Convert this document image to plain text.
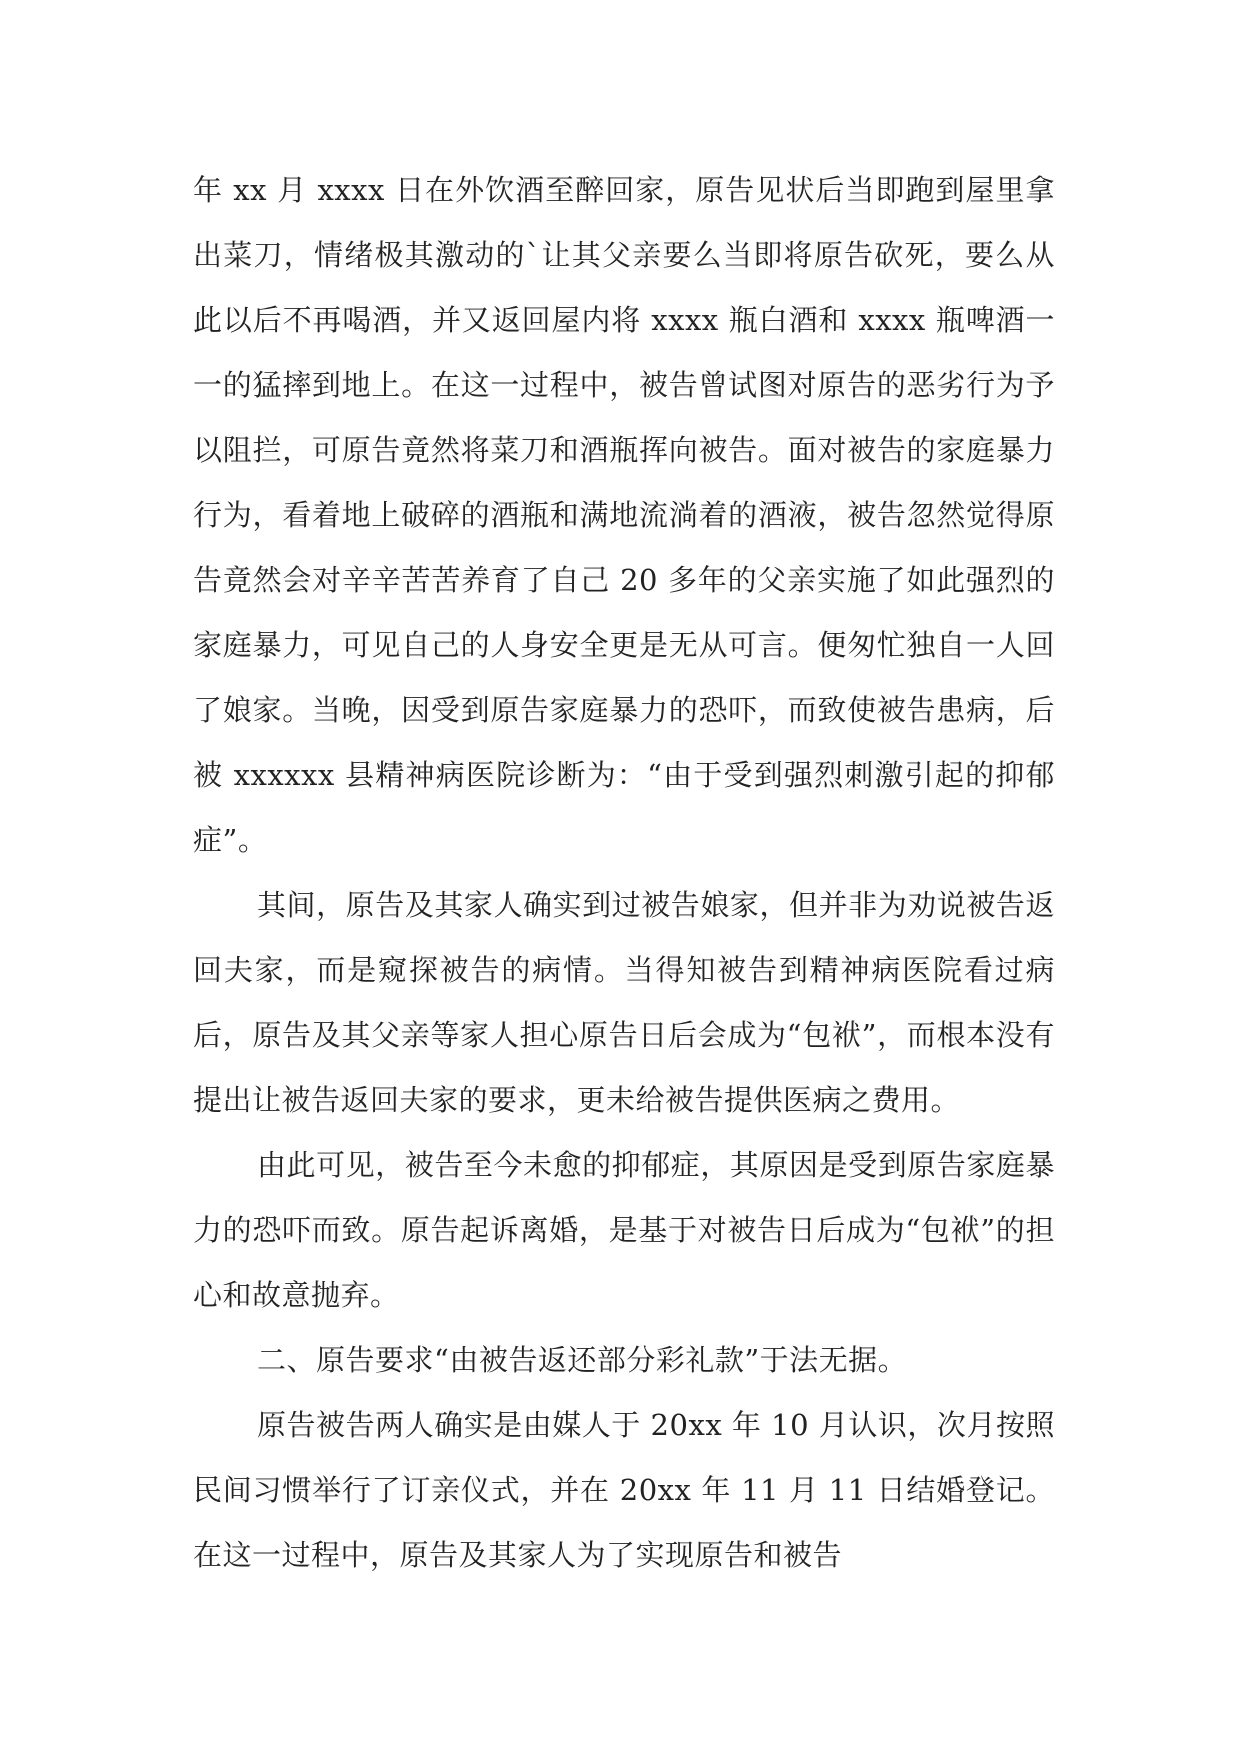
年 xx 月 xxxx 日在外饮酒至醉回家，原告见状后当即跑到屋里拿出菜刀，情绪极其激动的`让其父亲要么当即将原告砍死，要么从此以后不再喝酒，并又返回屋内将 xxxx 瓶白酒和 xxxx 瓶啤酒一一的猛摔到地上。在这一过程中，被告曾试图对原告的恶劣行为予以阻拦，可原告竟然将菜刀和酒瓶挥向被告。面对被告的家庭暴力行为，看着地上破碎的酒瓶和满地流淌着的酒液，被告忽然觉得原告竟然会对辛辛苦苦养育了自己 20 多年的父亲实施了如此强烈的家庭暴力，可见自己的人身安全更是无从可言。便匆忙独自一人回了娘家。当晚，因受到原告家庭暴力的恐吓，而致使被告患病，后被 xxxxxx 县精神病医院诊断为：“由于受到强烈刺激引起的抑郁症”。

其间，原告及其家人确实到过被告娘家，但并非为劝说被告返回夫家，而是窥探被告的病情。当得知被告到精神病医院看过病后，原告及其父亲等家人担心原告日后会成为“包袱”，而根本没有提出让被告返回夫家的要求，更未给被告提供医病之费用。

由此可见，被告至今未愈的抑郁症，其原因是受到原告家庭暴力的恐吓而致。原告起诉离婚，是基于对被告日后成为“包袱”的担心和故意抛弃。

二、原告要求“由被告返还部分彩礼款”于法无据。

原告被告两人确实是由媒人于 20xx 年 10 月认识，次月按照民间习惯举行了订亲仪式，并在 20xx 年 11 月 11 日结婚登记。在这一过程中，原告及其家人为了实现原告和被告
